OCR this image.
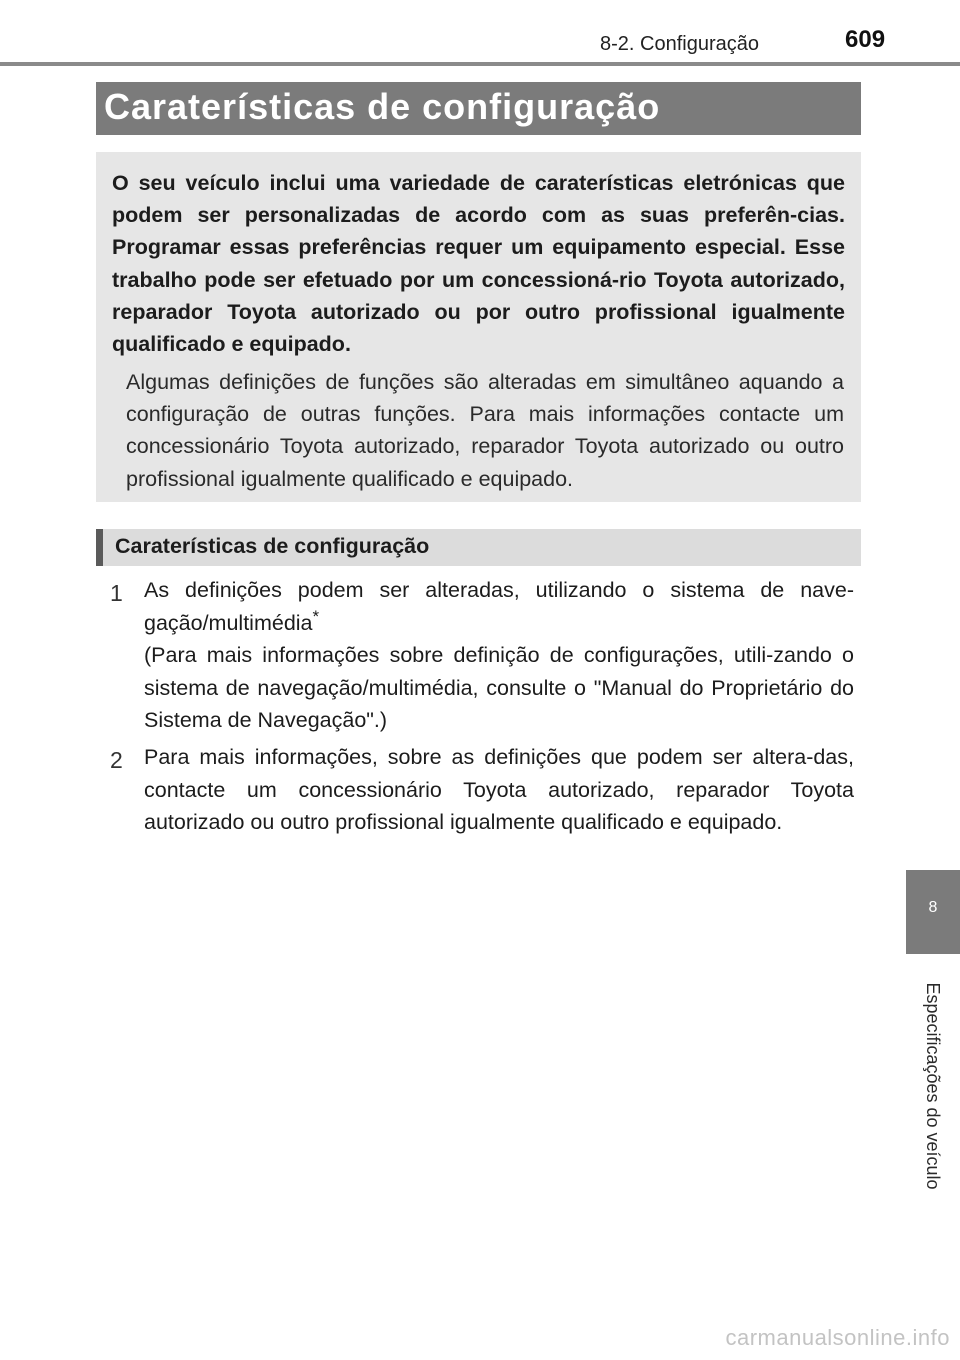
8-2. Configuração	609
Caraterísticas de configuração
O seu veículo inclui uma variedade de caraterísticas eletrónicas que podem ser personalizadas de acordo com as suas preferên-cias. Programar essas preferências requer um equipamento especial. Esse trabalho pode ser efetuado por um concessioná-rio Toyota autorizado, reparador Toyota autorizado ou por outro profissional igualmente qualificado e equipado.
Algumas definições de funções são alteradas em simultâneo aquando a configuração de outras funções. Para mais informações contacte um concessionário Toyota autorizado, reparador Toyota autorizado ou outro profissional igualmente qualificado e equipado.
Caraterísticas de configuração
1 As definições podem ser alteradas, utilizando o sistema de nave-gação/multimédia*
(Para mais informações sobre definição de configurações, utili-zando o sistema de navegação/multimédia, consulte o "Manual do Proprietário do Sistema de Navegação".)
2 Para mais informações, sobre as definições que podem ser altera-das, contacte um concessionário Toyota autorizado, reparador Toyota autorizado ou outro profissional igualmente qualificado e equipado.
8
Especificações do veículo
carmanualsonline.info
